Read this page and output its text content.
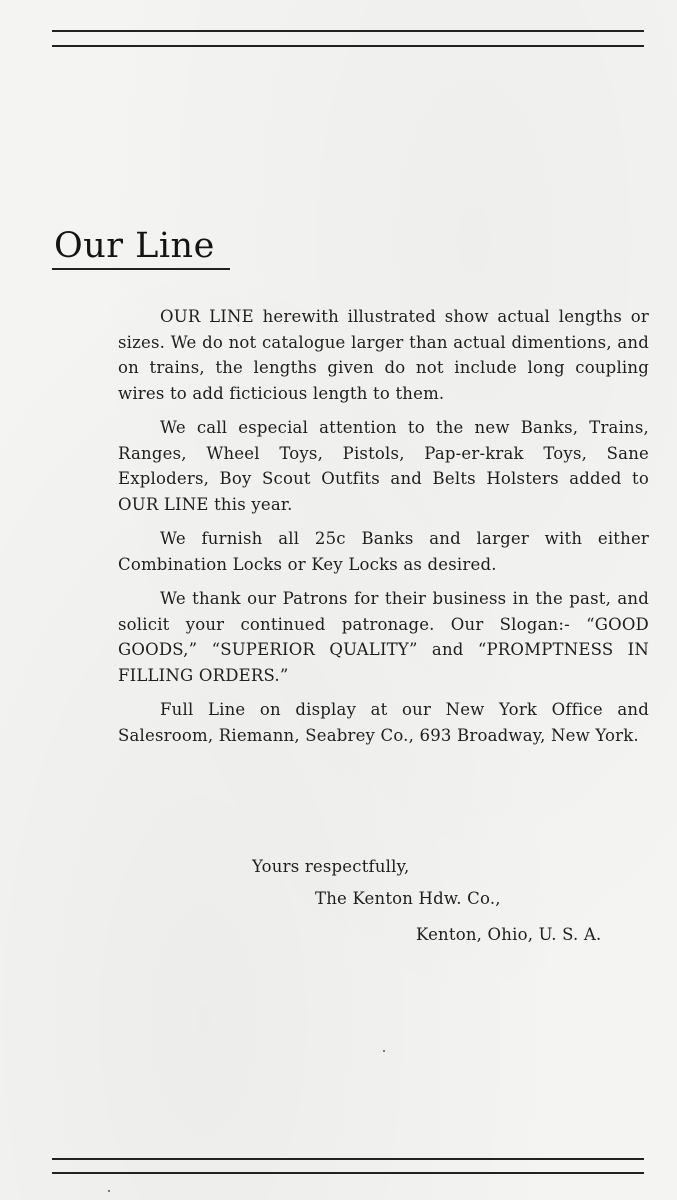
Our Line

OUR LINE herewith illustrated show actual lengths or sizes. We do not catalogue larger than actual dimentions, and on trains, the lengths given do not include long coupling wires to add ficticious length to them.

We call especial attention to the new Banks, Trains, Ranges, Wheel Toys, Pistols, Pap-er-krak Toys, Sane Exploders, Boy Scout Outfits and Belts Holsters added to OUR LINE this year.

We furnish all 25c Banks and larger with either Combination Locks or Key Locks as desired.

We thank our Patrons for their business in the past, and solicit your continued patronage. Our Slogan:- “GOOD GOODS,” “SUPERIOR QUALITY” and “PROMPTNESS IN FILLING ORDERS.”

Full Line on display at our New York Office and Salesroom, Riemann, Seabrey Co., 693 Broadway, New York.

Yours respectfully,
The Kenton Hdw. Co.,
Kenton, Ohio, U. S. A.
